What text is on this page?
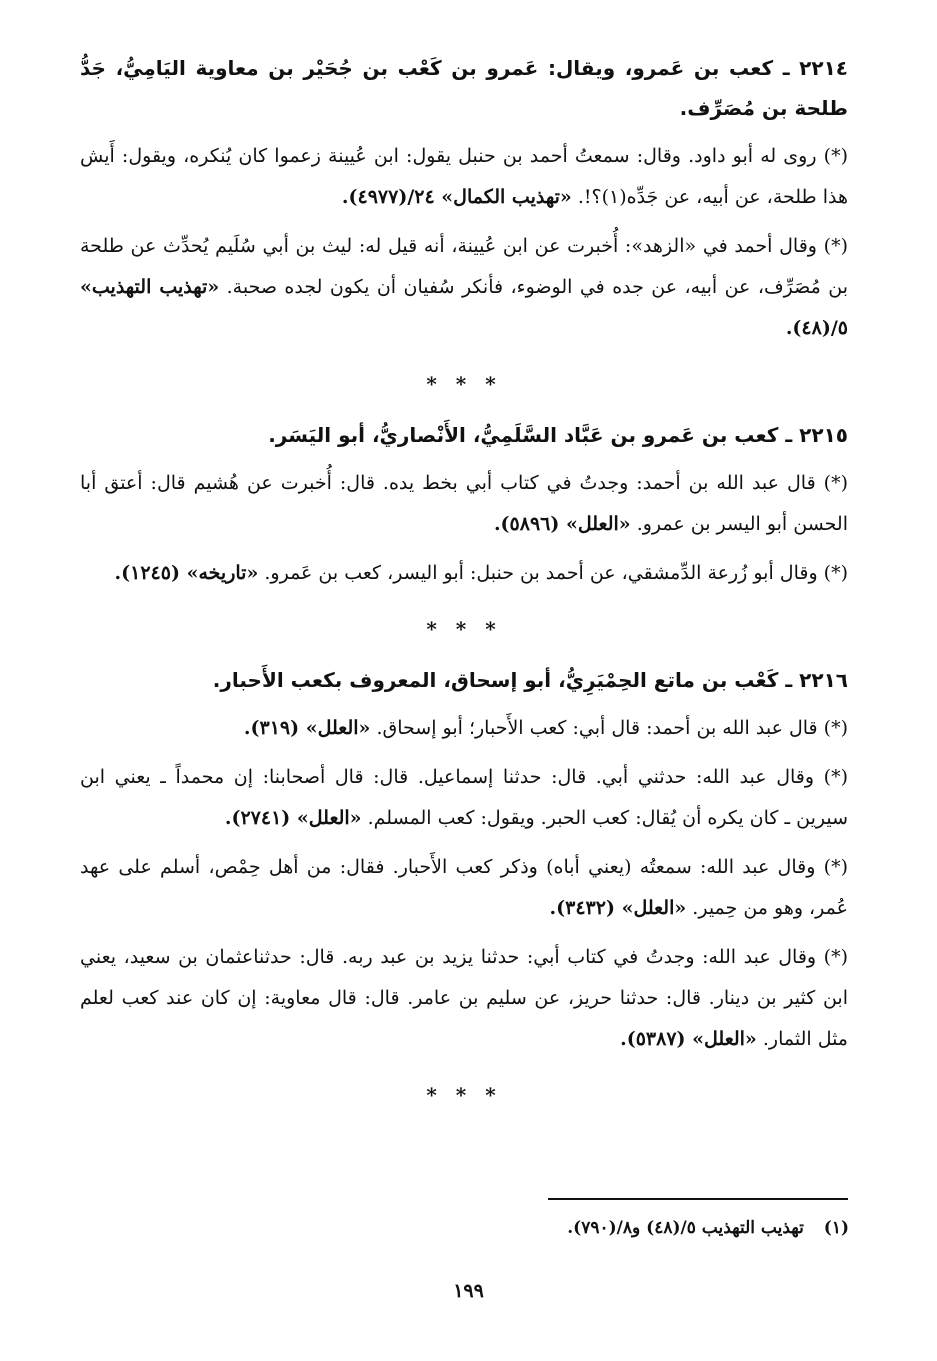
٢٢١٤ ـ كعب بن عَمرو، ويقال: عَمرو بن كَعْب بن جُحَيْر بن معاوية اليَامِيُّ، جَدُّ طلحة بن مُصَرِّف.

(*) روى له أبو داود. وقال: سمعتُ أحمد بن حنبل يقول: ابن عُيينة زعموا كان يُنكره، ويقول: أَيش هذا طلحة، عن أبيه، عن جَدِّه(١)؟!. «تهذيب الكمال» ٢٤/(٤٩٧٧).

(*) وقال أحمد في «الزهد»: أُخبرت عن ابن عُيينة، أنه قيل له: ليث بن أبي سُلَيم يُحدِّث عن طلحة بن مُصَرِّف، عن أبيه، عن جده في الوضوء، فأنكر سُفيان أن يكون لجده صحبة. «تهذيب التهذيب» ٥/(٤٨).

* * *

٢٢١٥ ـ كعب بن عَمرو بن عَبَّاد السَّلَمِيُّ، الأَنْصاريُّ، أبو اليَسَر.

(*) قال عبد الله بن أحمد: وجدتُ في كتاب أبي بخط يده. قال: أُخبرت عن هُشيم قال: أعتق أبا الحسن أبو اليسر بن عمرو. «العلل» (٥٨٩٦).

(*) وقال أبو زُرعة الدِّمشقي، عن أحمد بن حنبل: أبو اليسر، كعب بن عَمرو. «تاريخه» (١٢٤٥).

* * *

٢٢١٦ ـ كَعْب بن ماتع الحِمْيَرِيُّ، أبو إسحاق، المعروف بكعب الأَحبار.

(*) قال عبد الله بن أحمد: قال أبي: كعب الأَحبار؛ أبو إسحاق. «العلل» (٣١٩).

(*) وقال عبد الله: حدثني أبي. قال: حدثنا إسماعيل. قال: قال أصحابنا: إن محمداً ـ يعني ابن سيرين ـ كان يكره أن يُقال: كعب الحبر. ويقول: كعب المسلم. «العلل» (٢٧٤١).

(*) وقال عبد الله: سمعتُه (يعني أباه) وذكر كعب الأَحبار. فقال: من أهل حِمْص، أسلم على عهد عُمر، وهو من حِمير. «العلل» (٣٤٣٢).

(*) وقال عبد الله: وجدتُ في كتاب أبي: حدثنا يزيد بن عبد ربه. قال: حدثناعثمان بن سعيد، يعني ابن كثير بن دينار. قال: حدثنا حريز، عن سليم بن عامر. قال: قال معاوية: إن كان عند كعب لعلم مثل الثمار. «العلل» (٥٣٨٧).

* * *
(١) تهذيب التهذيب ٥/(٤٨) و٨/(٧٩٠).
١٩٩
